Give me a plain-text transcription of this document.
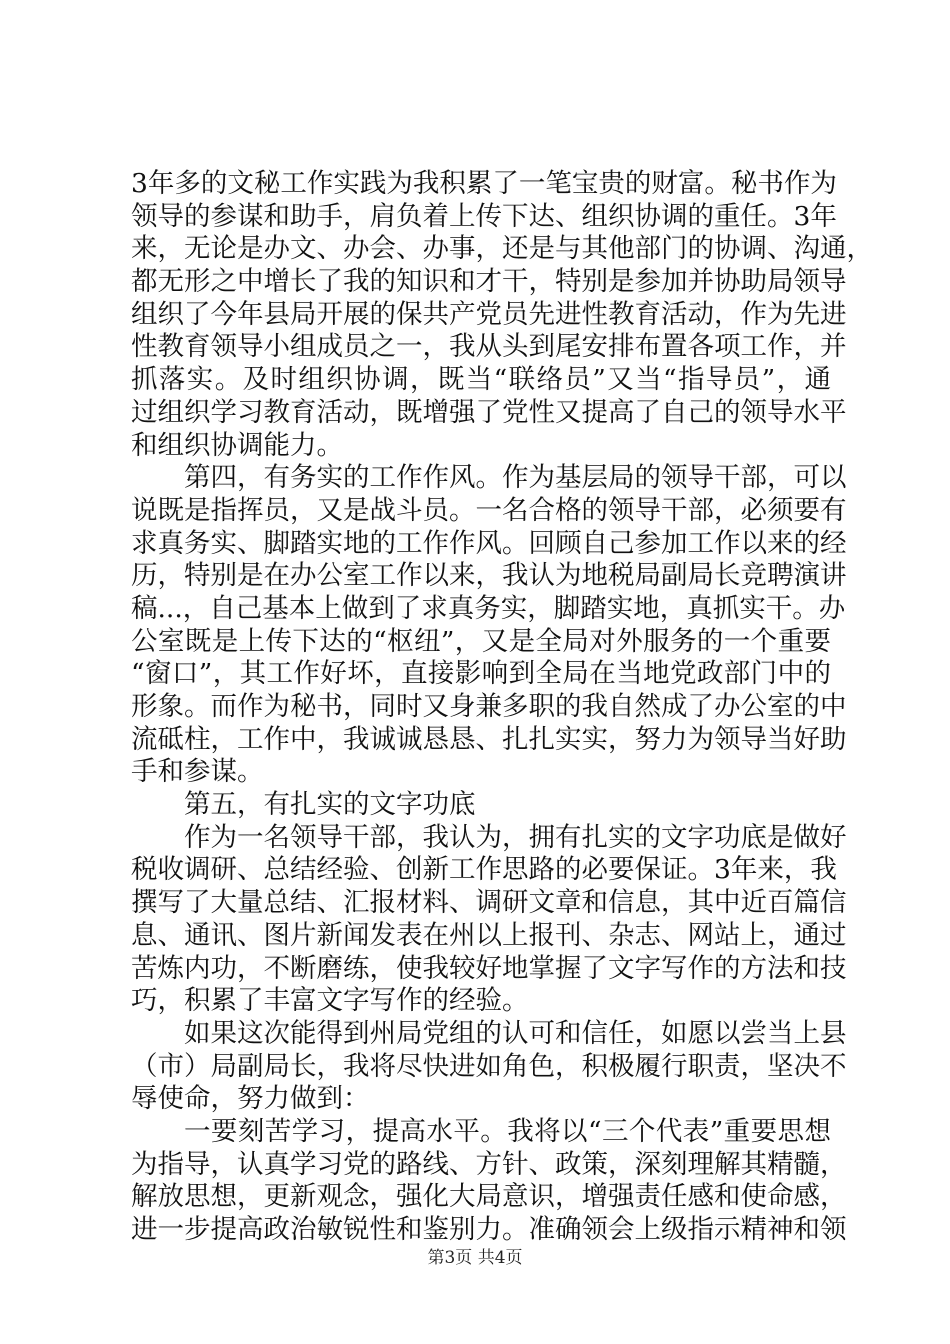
3年多的文秘工作实践为我积累了一笔宝贵的财富。秘书作为
领导的参谋和助手，肩负着上传下达、组织协调的重任。3年
来，无论是办文、办会、办事，还是与其他部门的协调、沟通，
都无形之中增长了我的知识和才干，特别是参加并协助局领导
组织了今年县局开展的保共产党员先进性教育活动，作为先进
性教育领导小组成员之一，我从头到尾安排布置各项工作，并
抓落实。及时组织协调，既当“联络员”又当“指导员”，通
过组织学习教育活动，既增强了党性又提高了自己的领导水平
和组织协调能力。
第四，有务实的工作作风。作为基层局的领导干部，可以
说既是指挥员，又是战斗员。一名合格的领导干部，必须要有
求真务实、脚踏实地的工作作风。回顾自己参加工作以来的经
历，特别是在办公室工作以来，我认为地税局副局长竞聘演讲
稿...，自己基本上做到了求真务实，脚踏实地，真抓实干。办
公室既是上传下达的“枢纽”，又是全局对外服务的一个重要
“窗口”，其工作好坏，直接影响到全局在当地党政部门中的
形象。而作为秘书，同时又身兼多职的我自然成了办公室的中
流砥柱，工作中，我诚诚恳恳、扎扎实实，努力为领导当好助
手和参谋。
第五，有扎实的文字功底
作为一名领导干部，我认为，拥有扎实的文字功底是做好
税收调研、总结经验、创新工作思路的必要保证。3年来，我
撰写了大量总结、汇报材料、调研文章和信息，其中近百篇信
息、通讯、图片新闻发表在州以上报刊、杂志、网站上，通过
苦炼内功，不断磨练，使我较好地掌握了文字写作的方法和技
巧，积累了丰富文字写作的经验。
如果这次能得到州局党组的认可和信任，如愿以尝当上县
（市）局副局长，我将尽快进如角色，积极履行职责，坚决不
辱使命，努力做到：
一要刻苦学习，提高水平。我将以“三个代表”重要思想
为指导，认真学习党的路线、方针、政策，深刻理解其精髓，
解放思想，更新观念，强化大局意识，增强责任感和使命感，
进一步提高政治敏锐性和鉴别力。准确领会上级指示精神和领
第3页 共4页
